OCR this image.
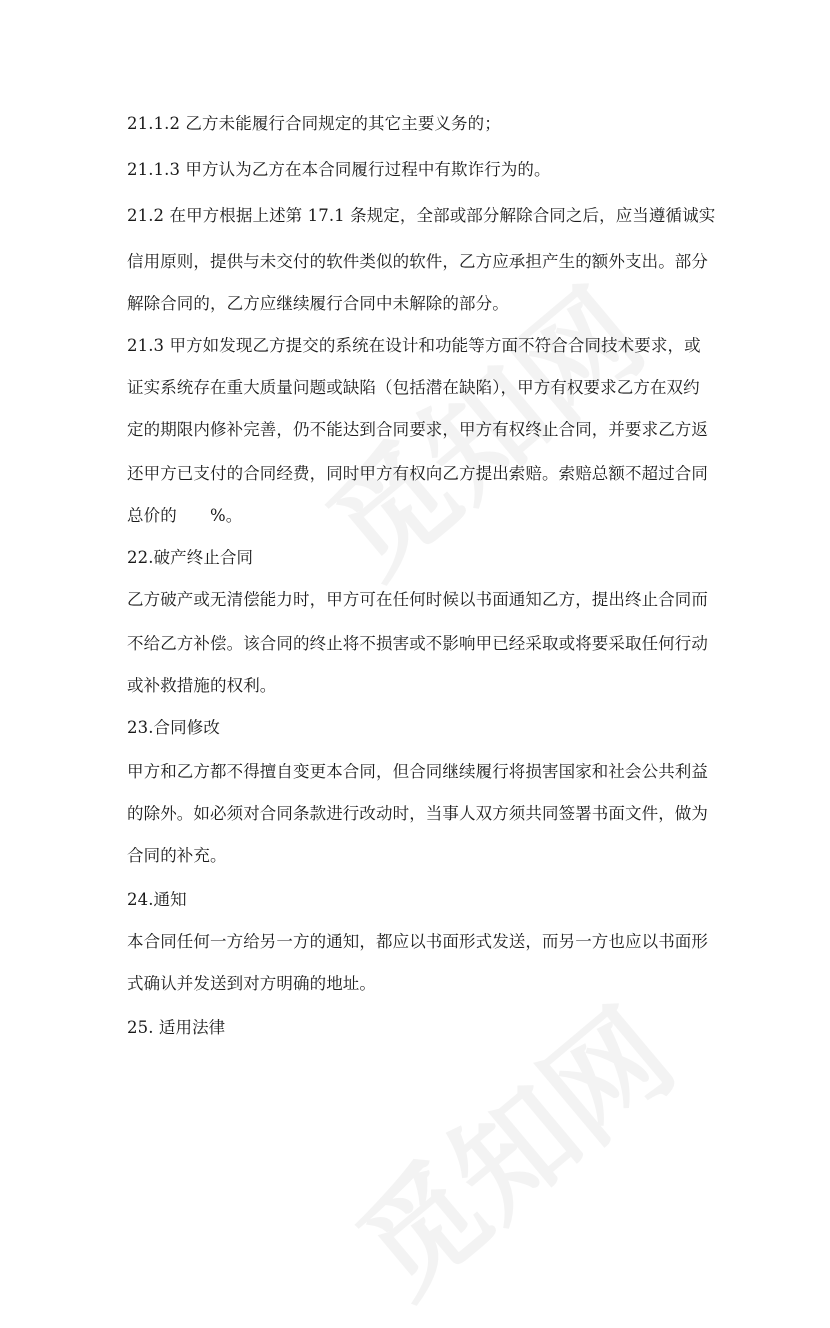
21.1.2 乙方未能履行合同规定的其它主要义务的；
21.1.3 甲方认为乙方在本合同履行过程中有欺诈行为的。
21.2 在甲方根据上述第 17.1 条规定，全部或部分解除合同之后，应当遵循诚实
信用原则，提供与未交付的软件类似的软件，乙方应承担产生的额外支出。部分
解除合同的，乙方应继续履行合同中未解除的部分。
21.3 甲方如发现乙方提交的系统在设计和功能等方面不符合合同技术要求，或
证实系统存在重大质量问题或缺陷（包括潜在缺陷），甲方有权要求乙方在双约
定的期限内修补完善，仍不能达到合同要求，甲方有权终止合同，并要求乙方返
还甲方已支付的合同经费，同时甲方有权向乙方提出索赔。索赔总额不超过合同
总价的　　%。
22.破产终止合同
乙方破产或无清偿能力时，甲方可在任何时候以书面通知乙方，提出终止合同而
不给乙方补偿。该合同的终止将不损害或不影响甲已经采取或将要采取任何行动
或补救措施的权利。
23.合同修改
甲方和乙方都不得擅自变更本合同，但合同继续履行将损害国家和社会公共利益
的除外。如必须对合同条款进行改动时，当事人双方须共同签署书面文件，做为
合同的补充。
24.通知
本合同任何一方给另一方的通知，都应以书面形式发送，而另一方也应以书面形
式确认并发送到对方明确的地址。
25. 适用法律
